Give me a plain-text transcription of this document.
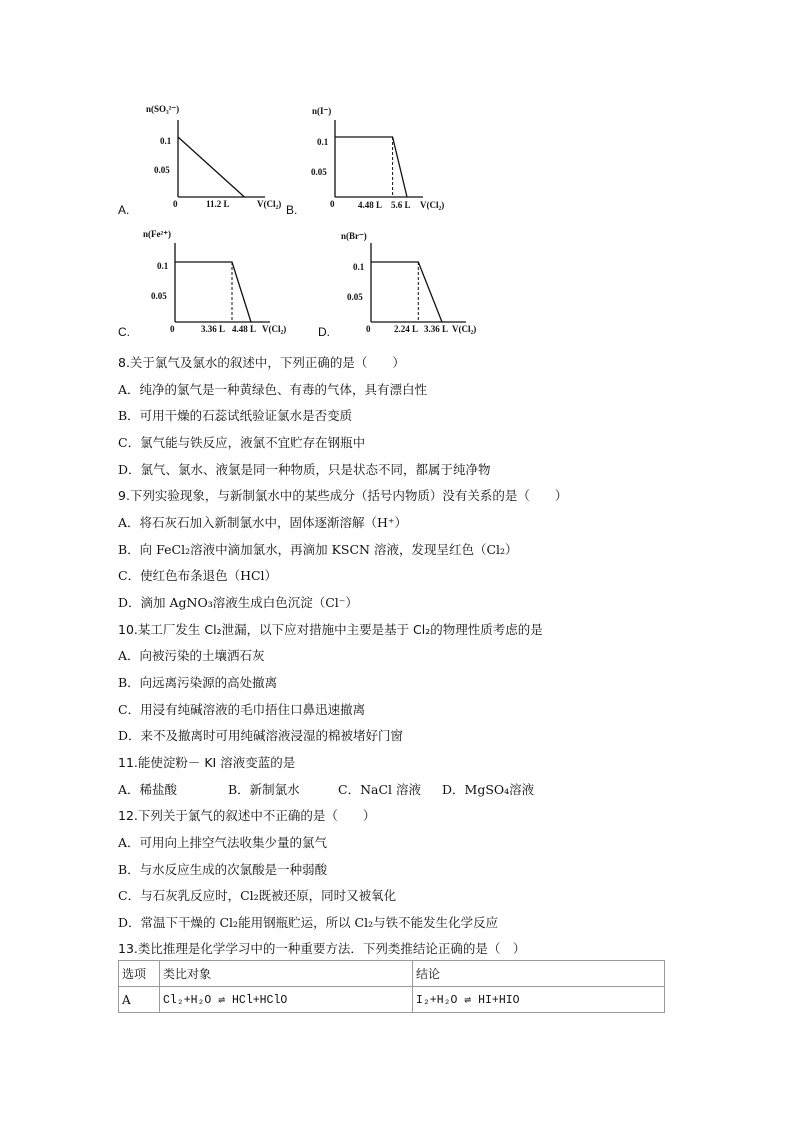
n(SO₃²⁻)
0.1
0.05
0	11.2 L	V(Cl₂)
A.
n(I⁻)
0.1
0.05
0	4.48 L 5.6 L V(Cl₂)
B.
n(Fe²⁺)
0.1
0.05
0	3.36 L 4.48 L V(Cl₂)
C.
n(Br⁻)
0.1
0.05
0	2.24 L 3.36 L V(Cl₂)
D.
8.关于氯气及氯水的叙述中，下列正确的是（　　）
A．纯净的氯气是一种黄绿色、有毒的气体，具有漂白性
B．可用干燥的石蕊试纸验证氯水是否变质
C．氯气能与铁反应，液氯不宜贮存在钢瓶中
D．氯气、氯水、液氯是同一种物质，只是状态不同，都属于纯净物
9.下列实验现象，与新制氯水中的某些成分（括号内物质）没有关系的是（　　）
A．将石灰石加入新制氯水中，固体逐渐溶解（H⁺）
B．向 FeCl₂溶液中滴加氯水，再滴加 KSCN 溶液，发现呈红色（Cl₂）
C．使红色布条退色（HCl）
D．滴加 AgNO₃溶液生成白色沉淀（Cl⁻）
10.某工厂发生 Cl₂泄漏，以下应对措施中主要是基于 Cl₂的物理性质考虑的是
A．向被污染的土壤洒石灰
B．向远离污染源的高处撤离
C．用浸有纯碱溶液的毛巾捂住口鼻迅速撤离
D．来不及撤离时可用纯碱溶液浸湿的棉被堵好门窗
11.能使淀粉－ KI 溶液变蓝的是
A．稀盐酸	B．新制氯水	C．NaCl 溶液 D．MgSO₄溶液
12.下列关于氯气的叙述中不正确的是（　　）
A．可用向上排空气法收集少量的氯气
B．与水反应生成的次氯酸是一种弱酸
C．与石灰乳反应时，Cl₂既被还原，同时又被氧化
D．常温下干燥的 Cl₂能用钢瓶贮运，所以 Cl₂与铁不能发生化学反应
13.类比推理是化学学习中的一种重要方法．下列类推结论正确的是（　）
选项	类比对象	结论
A	Cl₂+H₂O ⇌ HCl+HClO	I₂+H₂O ⇌ HI+HIO
